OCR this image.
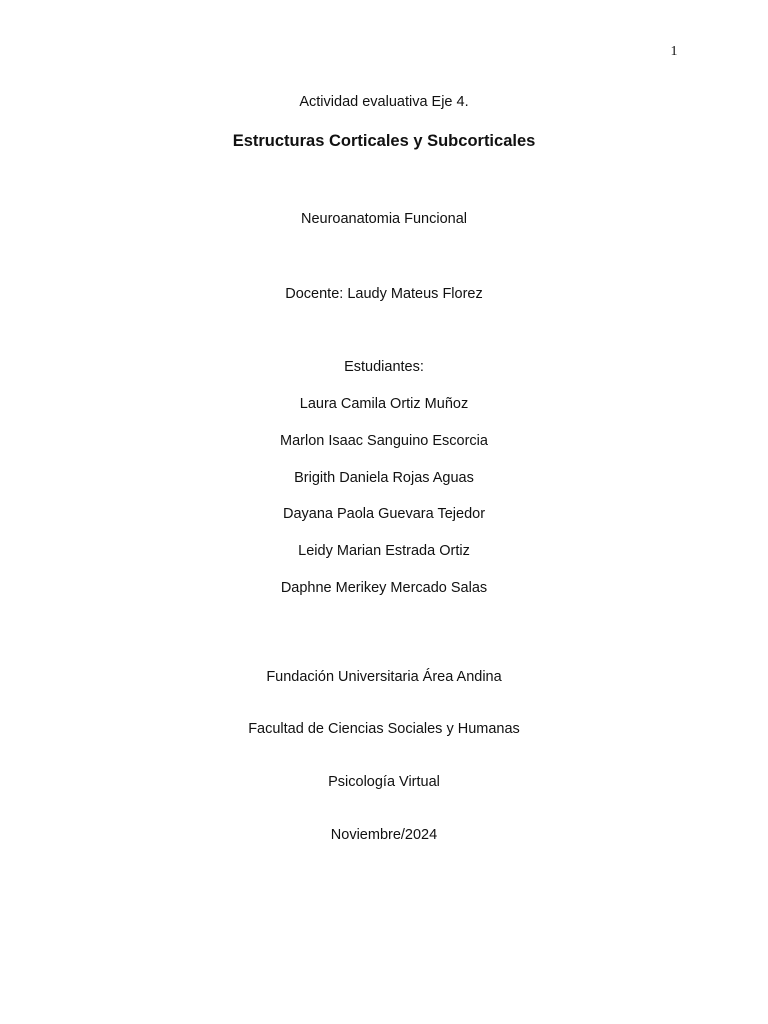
1
Actividad evaluativa Eje 4.
Estructuras Corticales y Subcorticales
Neuroanatomia Funcional
Docente: Laudy Mateus Florez
Estudiantes:
Laura Camila Ortiz Muñoz
Marlon Isaac Sanguino Escorcia
Brigith Daniela Rojas Aguas
Dayana Paola Guevara Tejedor
Leidy Marian Estrada Ortiz
Daphne Merikey Mercado Salas
Fundación Universitaria Área Andina
Facultad de Ciencias Sociales y Humanas
Psicología Virtual
Noviembre/2024
